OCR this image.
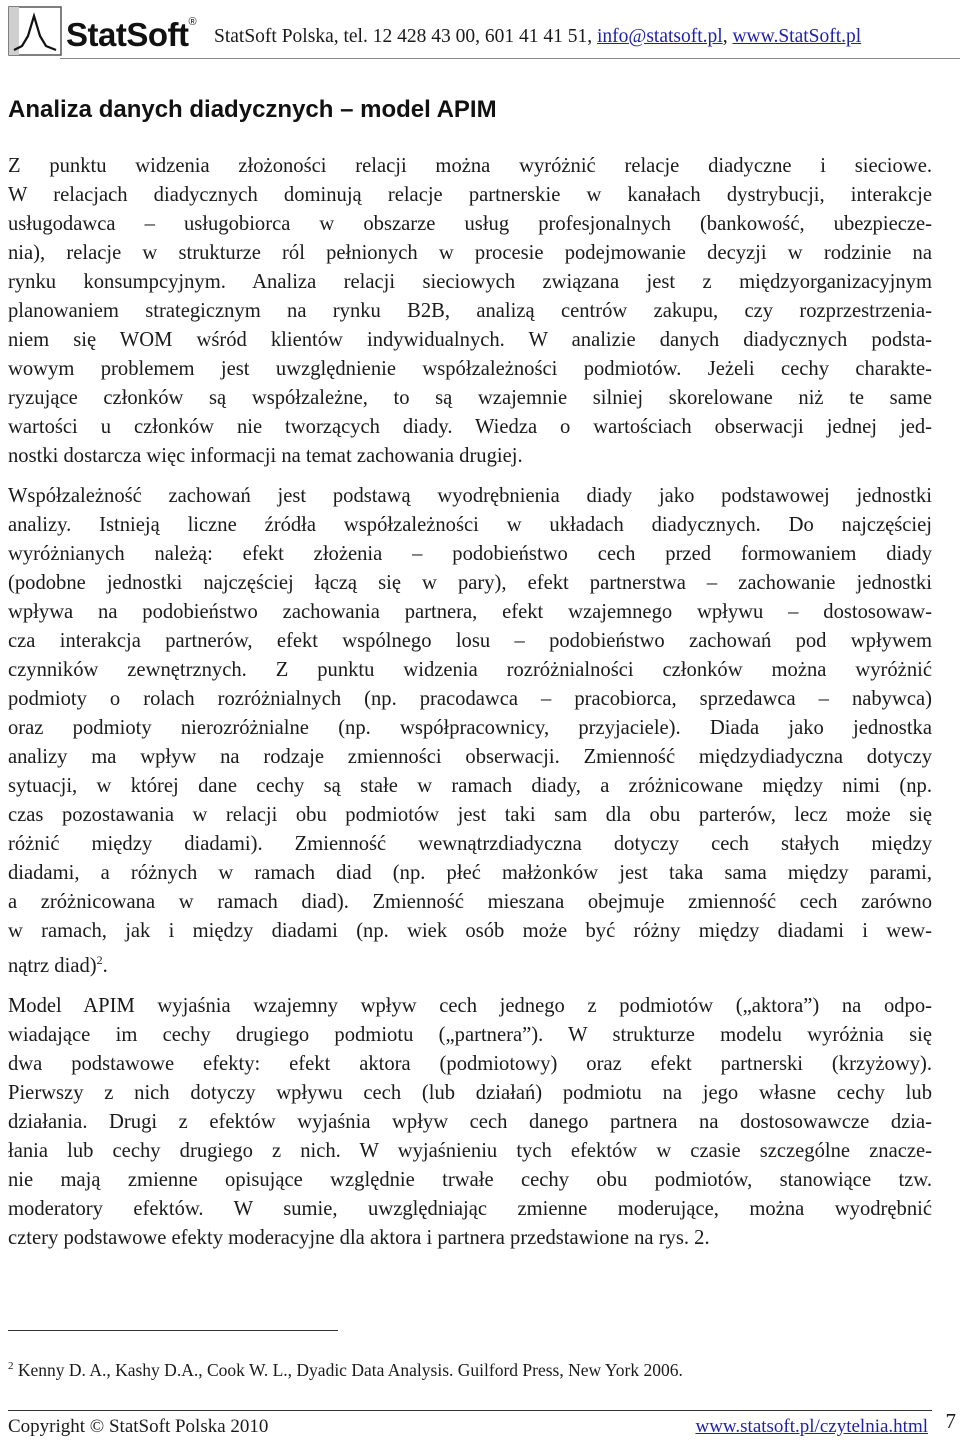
StatSoft®
StatSoft Polska, tel. 12 428 43 00, 601 41 41 51, info@statsoft.pl, www.StatSoft.pl
Analiza danych diadycznych – model APIM

Z punktu widzenia złożoności relacji można wyróżnić relacje diadyczne i sieciowe.
W relacjach diadycznych dominują relacje partnerskie w kanałach dystrybucji, interakcje
usługodawca – usługobiorca w obszarze usług profesjonalnych (bankowość, ubezpiecze-
nia), relacje w strukturze ról pełnionych w procesie podejmowanie decyzji w rodzinie na
rynku konsumpcyjnym. Analiza relacji sieciowych związana jest z międzyorganizacyjnym
planowaniem strategicznym na rynku B2B, analizą centrów zakupu, czy rozprzestrzenia-
niem się WOM wśród klientów indywidualnych. W analizie danych diadycznych podsta-
wowym problemem jest uwzględnienie współzależności podmiotów. Jeżeli cechy charakte-
ryzujące członków są współzależne, to są wzajemnie silniej skorelowane niż te same
wartości u członków nie tworzących diady. Wiedza o wartościach obserwacji jednej jed-
nostki dostarcza więc informacji na temat zachowania drugiej.

Współzależność zachowań jest podstawą wyodrębnienia diady jako podstawowej jednostki
analizy. Istnieją liczne źródła współzależności w układach diadycznych. Do najczęściej
wyróżnianych należą: efekt złożenia – podobieństwo cech przed formowaniem diady
(podobne jednostki najczęściej łączą się w pary), efekt partnerstwa – zachowanie jednostki
wpływa na podobieństwo zachowania partnera, efekt wzajemnego wpływu – dostosowaw-
cza interakcja partnerów, efekt wspólnego losu – podobieństwo zachowań pod wpływem
czynników zewnętrznych. Z punktu widzenia rozróżnialności członków można wyróżnić
podmioty o rolach rozróżnialnych (np. pracodawca – pracobiorca, sprzedawca – nabywca)
oraz podmioty nierozróżnialne (np. współpracownicy, przyjaciele). Diada jako jednostka
analizy ma wpływ na rodzaje zmienności obserwacji. Zmienność międzydiadyczna dotyczy
sytuacji, w której dane cechy są stałe w ramach diady, a zróżnicowane między nimi (np.
czas pozostawania w relacji obu podmiotów jest taki sam dla obu parterów, lecz może się
różnić między diadami). Zmienność wewnątrzdiadyczna dotyczy cech stałych między
diadami, a różnych w ramach diad (np. płeć małżonków jest taka sama między parami,
a zróżnicowana w ramach diad). Zmienność mieszana obejmuje zmienność cech zarówno
w ramach, jak i między diadami (np. wiek osób może być różny między diadami i wew-
nątrz diad)$^2$.

Model APIM wyjaśnia wzajemny wpływ cech jednego z podmiotów („aktora”) na odpo-
wiadające im cechy drugiego podmiotu („partnera”). W strukturze modelu wyróżnia się
dwa podstawowe efekty: efekt aktora (podmiotowy) oraz efekt partnerski (krzyżowy).
Pierwszy z nich dotyczy wpływu cech (lub działań) podmiotu na jego własne cechy lub
działania. Drugi z efektów wyjaśnia wpływ cech danego partnera na dostosowawcze dzia-
łania lub cechy drugiego z nich. W wyjaśnieniu tych efektów w czasie szczególne znacze-
nie mają zmienne opisujące względnie trwałe cechy obu podmiotów, stanowiące tzw.
moderatory efektów. W sumie, uwzględniając zmienne moderujące, można wyodrębnić
cztery podstawowe efekty moderacyjne dla aktora i partnera przedstawione na rys. 2.

$^2$ Kenny D. A., Kashy D.A., Cook W. L., Dyadic Data Analysis. Guilford Press, New York 2006.
Copyright © StatSoft Polska 2010	www.statsoft.pl/czytelnia.html 7
